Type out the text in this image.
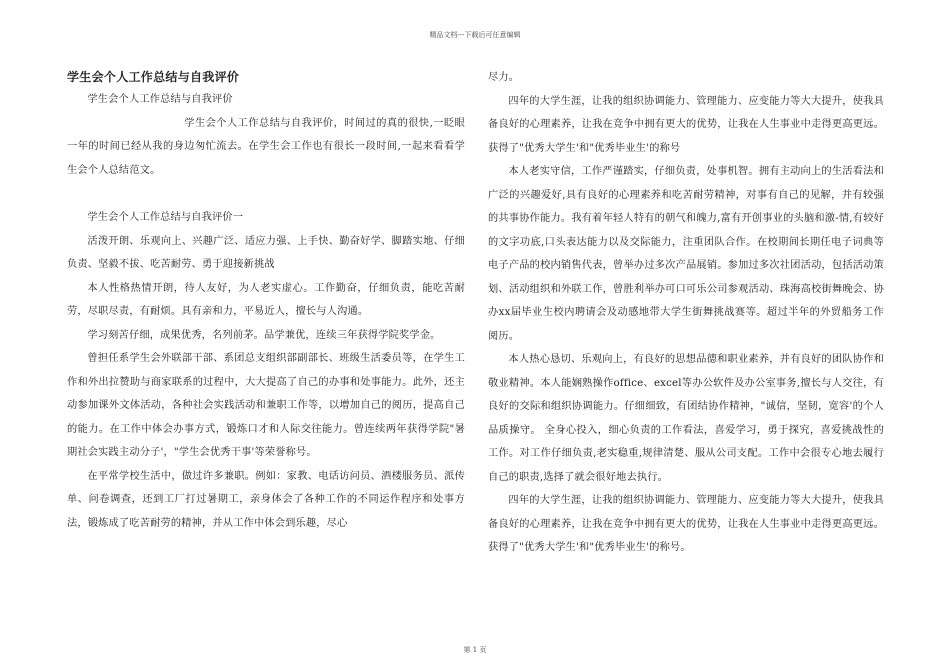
精品文档---下载后可任意编辑
学生会个人工作总结与自我评价

学生会个人工作总结与自我评价

学生会个人工作总结与自我评价，时间过的真的很快,一眨眼一年的时间已经从我的身边匆忙流去。在学生会工作也有很长一段时间,一起来看看学生会个人总结范文。

学生会个人工作总结与自我评价一

活泼开朗、乐观向上、兴趣广泛、适应力强、上手快、勤奋好学、脚踏实地、仔细负责、坚毅不拔、吃苦耐劳、勇于迎接新挑战

本人性格热情开朗，待人友好，为人老实虚心。工作勤奋，仔细负责，能吃苦耐劳，尽职尽责，有耐烦。具有亲和力，平易近人，擅长与人沟通。

学习刻苦仔细，成果优秀，名列前茅。品学兼优，连续三年获得学院奖学金。

曾担任系学生会外联部干部、系团总支组织部副部长、班级生活委员等，在学生工作和外出拉赞助与商家联系的过程中，大大提高了自己的办事和处事能力。此外，还主动参加课外文体活动，各种社会实践活动和兼职工作等，以增加自己的阅历，提高自己的能力。在工作中体会办事方式，锻炼口才和人际交往能力。曾连续两年获得学院"暑期社会实践主动分子'，"学生会优秀干事'等荣誉称号。

在平常学校生活中，做过许多兼职。例如：家教、电话访问员、酒楼服务员、派传单、问卷调查，还到工厂打过暑期工，亲身体会了各种工作的不同运作程序和处事方法，锻炼成了吃苦耐劳的精神，并从工作中体会到乐趣，尽心

尽力。

四年的大学生涯，让我的组织协调能力、管理能力、应变能力等大大提升，使我具备良好的心理素养，让我在竞争中拥有更大的优势，让我在人生事业中走得更高更远。获得了"优秀大学生'和"优秀毕业生'的称号

本人老实守信，工作严谨踏实，仔细负责，处事机智。拥有主动向上的生活看法和广泛的兴趣爱好,具有良好的心理素养和吃苦耐劳精神，对事有自己的见解，并有较强的共事协作能力。我有着年轻人特有的朝气和魄力,富有开创事业的头脑和激-情,有较好的文字功底,口头表达能力以及交际能力，注重团队合作。在校期间长期任电子词典等电子产品的校内销售代表，曾举办过多次产品展销。参加过多次社团活动，包括活动策划、活动组织和外联工作，曾胜利举办可口可乐公司参观活动、珠海高校街舞晚会、协办xx届毕业生校内聘请会及动感地带大学生街舞挑战赛等。超过半年的外贸船务工作阅历。

本人热心恳切、乐观向上，有良好的思想品德和职业素养，并有良好的团队协作和敬业精神。本人能娴熟操作office、excel等办公软件及办公室事务,擅长与人交往，有良好的交际和组织协调能力。仔细细致，有团结协作精神，"诚信，坚韧，宽容'的个人品质操守。 全身心投入，细心负责的工作看法，喜爱学习，勇于探究，喜爱挑战性的工作。对工作仔细负责,老实稳重,规律清楚、服从公司支配。工作中会很专心地去履行自己的职责,选择了就会很好地去执行。

四年的大学生涯，让我的组织协调能力、管理能力、应变能力等大大提升，使我具备良好的心理素养，让我在竞争中拥有更大的优势，让我在人生事业中走得更高更远。获得了"优秀大学生'和"优秀毕业生'的称号。

第 1 页
